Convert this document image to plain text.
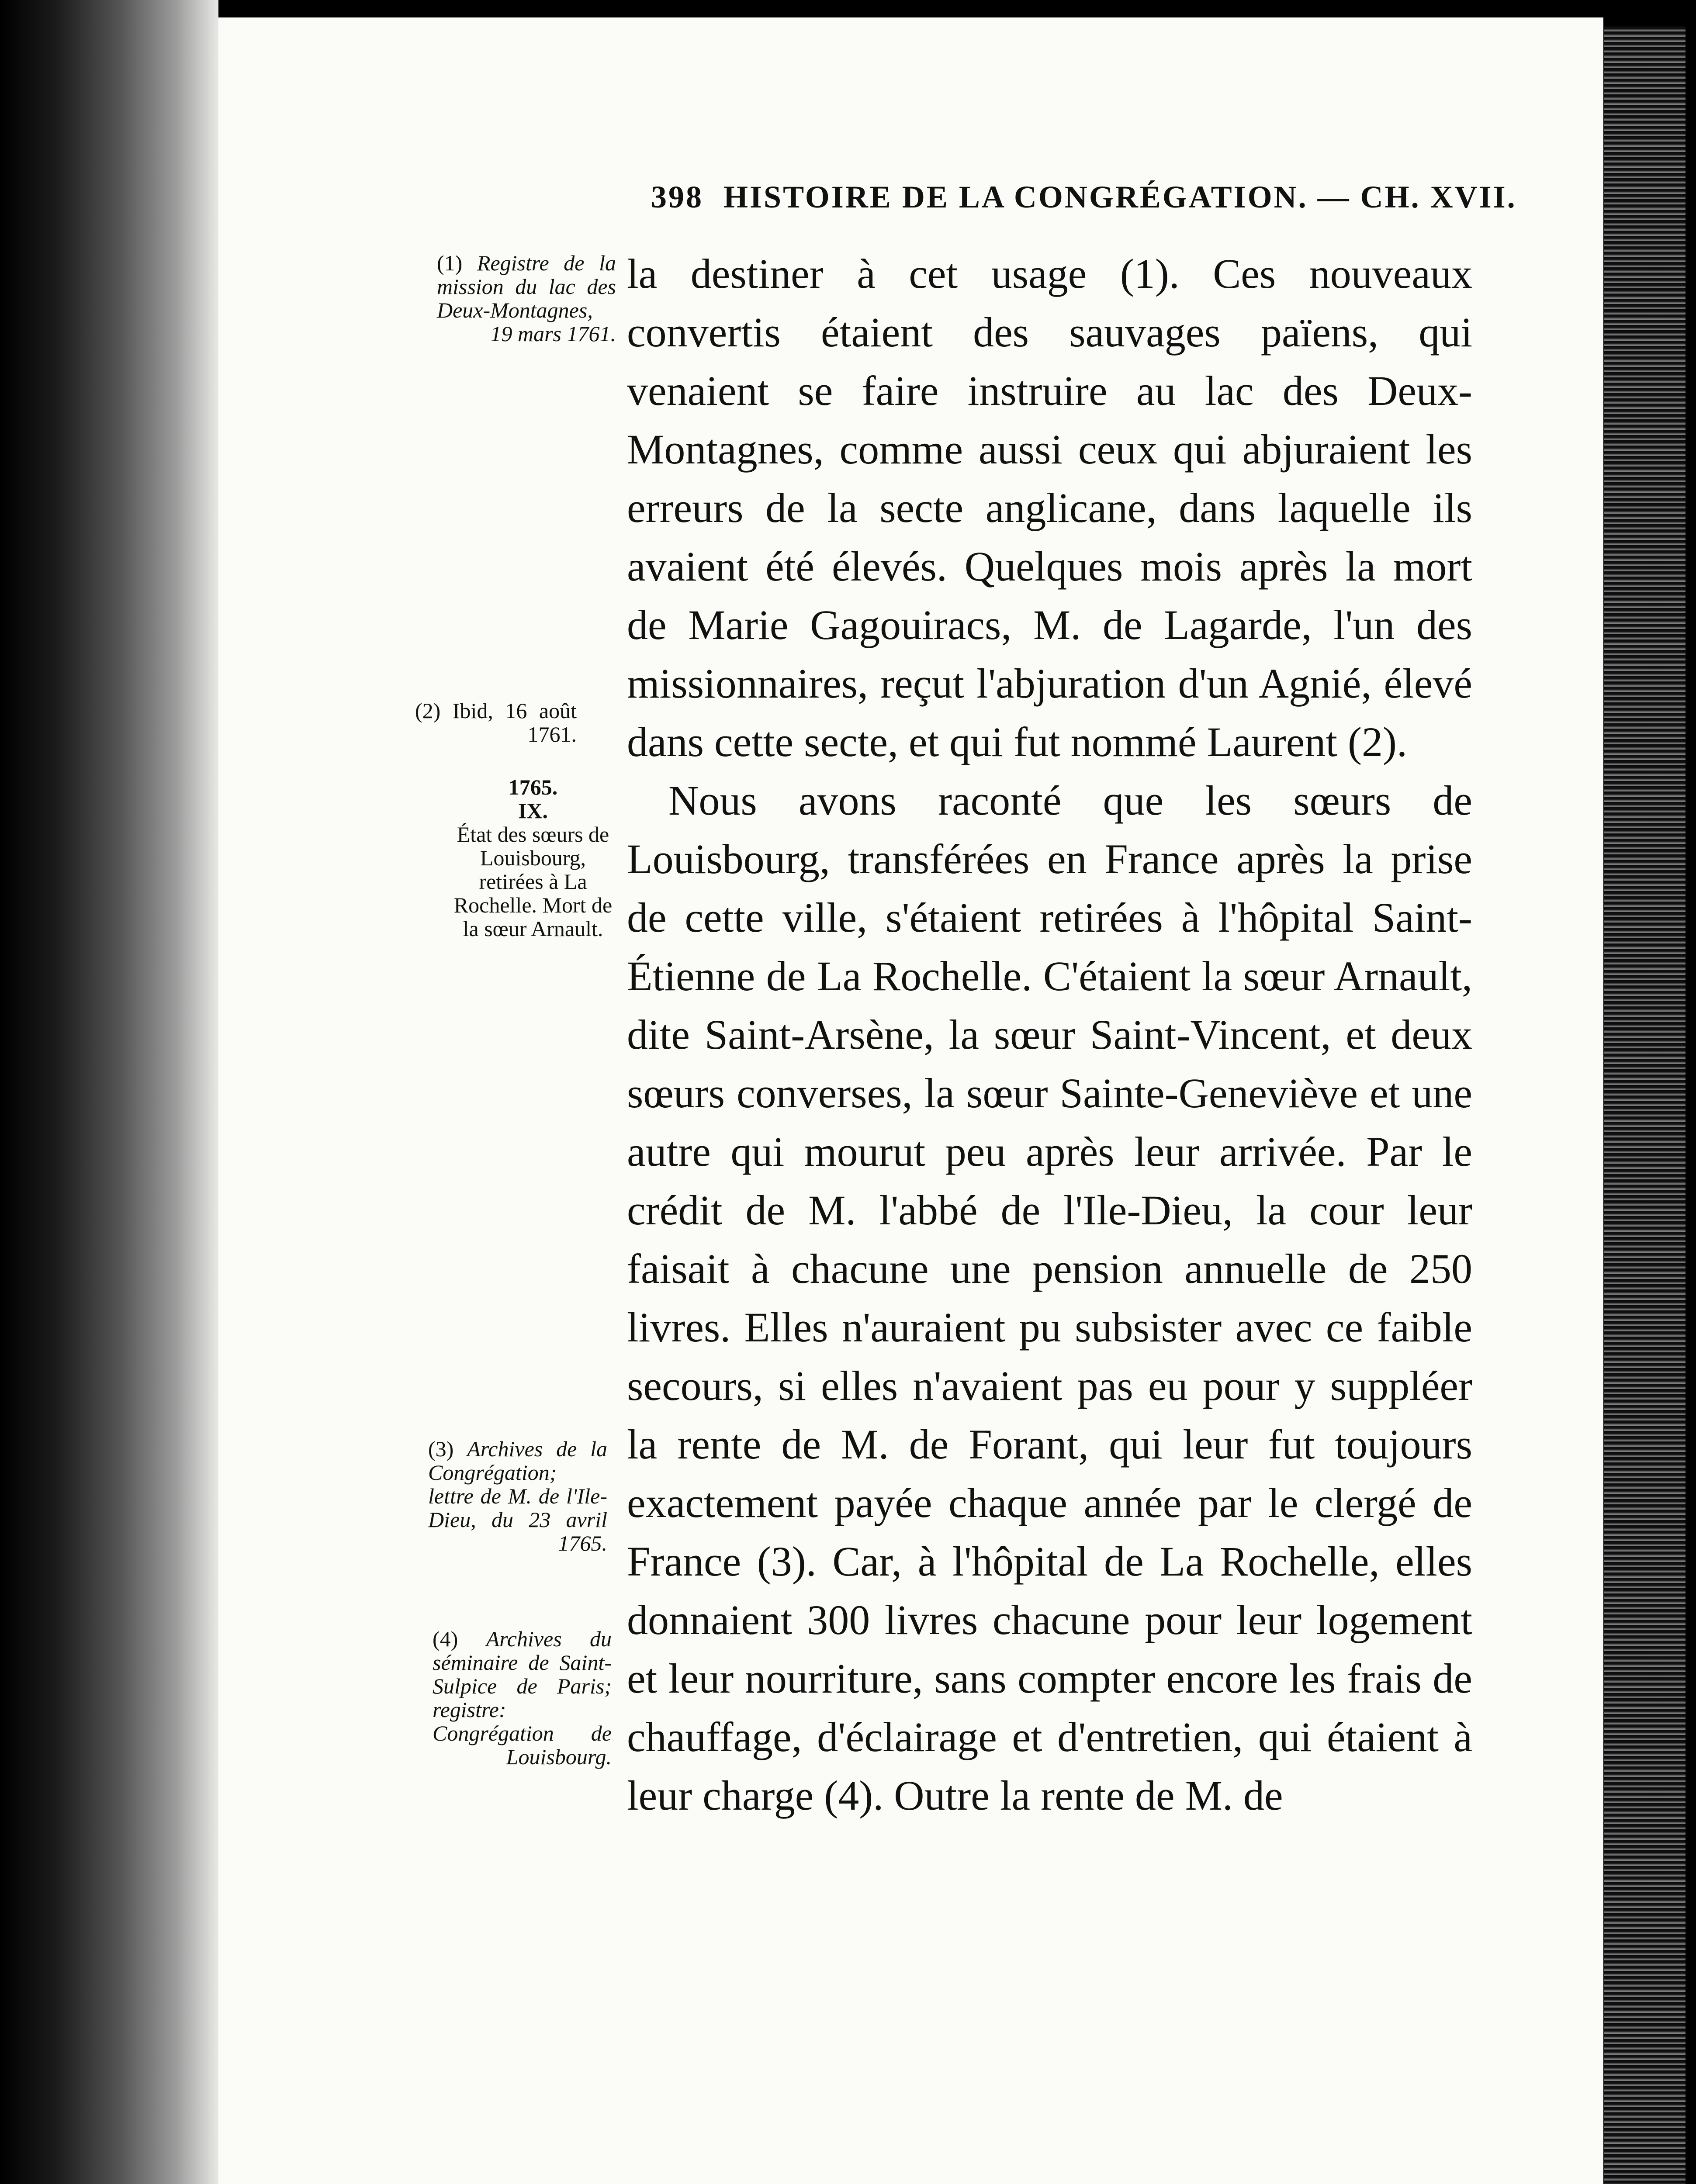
398 HISTOIRE DE LA CONGRÉGATION. — CH. XVII.
(1) Registre de la mission du lac des Deux-Montagnes, 19 mars 1761.
(2) Ibid, 16 août 1761.
1765.
IX.
État des sœurs de Louisbourg, retirées à La Rochelle. Mort de la sœur Arnault.
(3) Archives de la Congrégation; lettre de M. de l'Ile-Dieu, du 23 avril 1765.
(4) Archives du séminaire de Saint-Sulpice de Paris; registre: Congrégation de Louisbourg.

la destiner à cet usage (1). Ces nouveaux convertis étaient des sauvages païens, qui venaient se faire instruire au lac des Deux-Montagnes, comme aussi ceux qui abjuraient les erreurs de la secte anglicane, dans laquelle ils avaient été élevés. Quelques mois après la mort de Marie Gagouiracs, M. de Lagarde, l'un des missionnaires, reçut l'abjuration d'un Agnié, élevé dans cette secte, et qui fut nommé Laurent (2).

Nous avons raconté que les sœurs de Louisbourg, transférées en France après la prise de cette ville, s'étaient retirées à l'hôpital Saint-Étienne de La Rochelle. C'étaient la sœur Arnault, dite Saint-Arsène, la sœur Saint-Vincent, et deux sœurs converses, la sœur Sainte-Geneviève et une autre qui mourut peu après leur arrivée. Par le crédit de M. l'abbé de l'Ile-Dieu, la cour leur faisait à chacune une pension annuelle de 250 livres. Elles n'auraient pu subsister avec ce faible secours, si elles n'avaient pas eu pour y suppléer la rente de M. de Forant, qui leur fut toujours exactement payée chaque année par le clergé de France (3). Car, à l'hôpital de La Rochelle, elles donnaient 300 livres chacune pour leur logement et leur nourriture, sans compter encore les frais de chauffage, d'éclairage et d'entretien, qui étaient à leur charge (4). Outre la rente de M. de
